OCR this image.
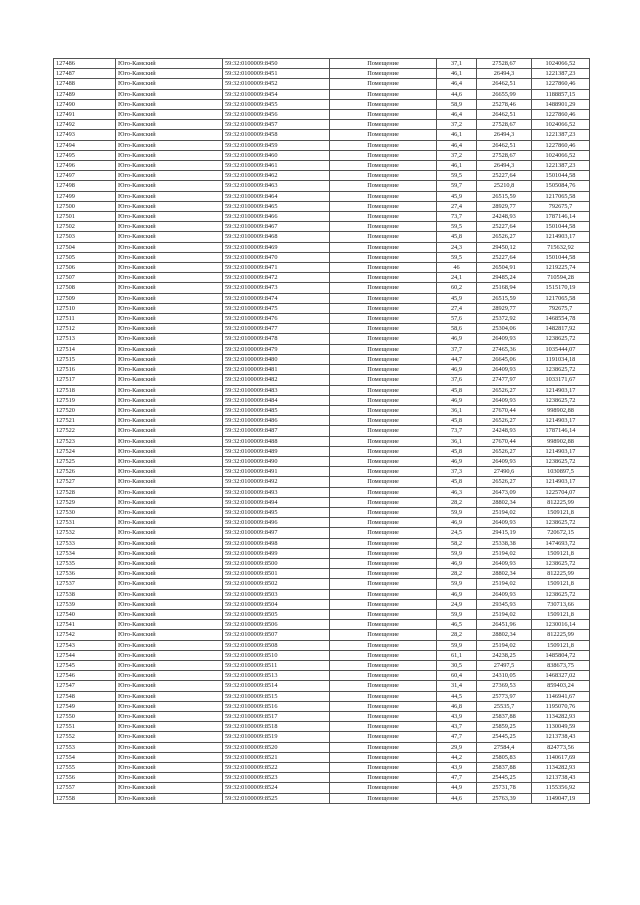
127486	Юго-Камский	59:32:0100009:8450	Помещение	37,1	27528,67	1024066,52
127487	Юго-Камский	59:32:0100009:8451	Помещение	46,1	26494,3	1221387,23
127488	Юго-Камский	59:32:0100009:8452	Помещение	46,4	26462,51	1227860,46
127489	Юго-Камский	59:32:0100009:8454	Помещение	44,6	26655,99	1188857,15
127490	Юго-Камский	59:32:0100009:8455	Помещение	58,9	25278,46	1488901,29
127491	Юго-Камский	59:32:0100009:8456	Помещение	46,4	26462,51	1227860,46
127492	Юго-Камский	59:32:0100009:8457	Помещение	37,2	27528,67	1024066,52
127493	Юго-Камский	59:32:0100009:8458	Помещение	46,1	26494,3	1221387,23
127494	Юго-Камский	59:32:0100009:8459	Помещение	46,4	26462,51	1227860,46
127495	Юго-Камский	59:32:0100009:8460	Помещение	37,2	27528,67	1024066,52
127496	Юго-Камский	59:32:0100009:8461	Помещение	46,1	26494,3	1221387,23
127497	Юго-Камский	59:32:0100009:8462	Помещение	59,5	25227,64	1501044,58
127498	Юго-Камский	59:32:0100009:8463	Помещение	59,7	25210,8	1505084,76
127499	Юго-Камский	59:32:0100009:8464	Помещение	45,9	26515,59	1217065,58
127500	Юго-Камский	59:32:0100009:8465	Помещение	27,4	28929,77	792675,7
127501	Юго-Камский	59:32:0100009:8466	Помещение	73,7	24248,93	1787146,14
127502	Юго-Камский	59:32:0100009:8467	Помещение	59,5	25227,64	1501044,58
127503	Юго-Камский	59:32:0100009:8468	Помещение	45,8	26526,27	1214903,17
127504	Юго-Камский	59:32:0100009:8469	Помещение	24,3	29450,12	715632,92
127505	Юго-Камский	59:32:0100009:8470	Помещение	59,5	25227,64	1501044,58
127506	Юго-Камский	59:32:0100009:8471	Помещение	46	26504,91	1219225,74
127507	Юго-Камский	59:32:0100009:8472	Помещение	24,1	29485,24	710594,28
127508	Юго-Камский	59:32:0100009:8473	Помещение	60,2	25168,94	1515170,19
127509	Юго-Камский	59:32:0100009:8474	Помещение	45,9	26515,59	1217065,58
127510	Юго-Камский	59:32:0100009:8475	Помещение	27,4	28929,77	792675,7
127511	Юго-Камский	59:32:0100009:8476	Помещение	57,6	25372,92	1468554,78
127512	Юго-Камский	59:32:0100009:8477	Помещение	58,6	25304,06	1482817,92
127513	Юго-Камский	59:32:0100009:8478	Помещение	46,9	26409,93	1238625,72
127514	Юго-Камский	59:32:0100009:8479	Помещение	37,7	27465,36	1035444,07
127515	Юго-Камский	59:32:0100009:8480	Помещение	44,7	26645,06	1191034,18
127516	Юго-Камский	59:32:0100009:8481	Помещение	46,9	26409,93	1238625,72
127517	Юго-Камский	59:32:0100009:8482	Помещение	37,6	27477,97	1033171,67
127518	Юго-Камский	59:32:0100009:8483	Помещение	45,8	26526,27	1214903,17
127519	Юго-Камский	59:32:0100009:8484	Помещение	46,9	26409,93	1238625,72
127520	Юго-Камский	59:32:0100009:8485	Помещение	36,1	27670,44	998902,88
127521	Юго-Камский	59:32:0100009:8486	Помещение	45,8	26526,27	1214903,17
127522	Юго-Камский	59:32:0100009:8487	Помещение	73,7	24248,93	1787146,14
127523	Юго-Камский	59:32:0100009:8488	Помещение	36,1	27670,44	998902,88
127524	Юго-Камский	59:32:0100009:8489	Помещение	45,8	26526,27	1214903,17
127525	Юго-Камский	59:32:0100009:8490	Помещение	46,9	26409,93	1238625,72
127526	Юго-Камский	59:32:0100009:8491	Помещение	37,3	27490,6	1030897,5
127527	Юго-Камский	59:32:0100009:8492	Помещение	45,8	26526,27	1214903,17
127528	Юго-Камский	59:32:0100009:8493	Помещение	46,3	26473,09	1225704,07
127529	Юго-Камский	59:32:0100009:8494	Помещение	28,2	28802,34	812225,99
127530	Юго-Камский	59:32:0100009:8495	Помещение	59,9	25194,02	1509121,8
127531	Юго-Камский	59:32:0100009:8496	Помещение	46,9	26409,93	1238625,72
127532	Юго-Камский	59:32:0100009:8497	Помещение	24,5	29415,19	720672,15
127533	Юго-Камский	59:32:0100009:8498	Помещение	58,2	25338,38	1474693,72
127534	Юго-Камский	59:32:0100009:8499	Помещение	59,9	25194,02	1509121,8
127535	Юго-Камский	59:32:0100009:8500	Помещение	46,9	26409,93	1238625,72
127536	Юго-Камский	59:32:0100009:8501	Помещение	28,2	28802,34	812225,99
127537	Юго-Камский	59:32:0100009:8502	Помещение	59,9	25194,02	1509121,8
127538	Юго-Камский	59:32:0100009:8503	Помещение	46,9	26409,93	1238625,72
127539	Юго-Камский	59:32:0100009:8504	Помещение	24,9	29345,93	730713,66
127540	Юго-Камский	59:32:0100009:8505	Помещение	59,9	25194,02	1509121,8
127541	Юго-Камский	59:32:0100009:8506	Помещение	46,5	26451,96	1230016,14
127542	Юго-Камский	59:32:0100009:8507	Помещение	28,2	28802,34	812225,99
127543	Юго-Камский	59:32:0100009:8508	Помещение	59,9	25194,02	1509121,8
127544	Юго-Камский	59:32:0100009:8510	Помещение	61,1	24238,25	1485804,72
127545	Юго-Камский	59:32:0100009:8511	Помещение	30,5	27497,5	838673,75
127546	Юго-Камский	59:32:0100009:8513	Помещение	60,4	24310,05	1468327,02
127547	Юго-Камский	59:32:0100009:8514	Помещение	31,4	27369,53	859403,24
127548	Юго-Камский	59:32:0100009:8515	Помещение	44,5	25773,97	1146941,67
127549	Юго-Камский	59:32:0100009:8516	Помещение	46,8	25535,7	1195070,76
127550	Юго-Камский	59:32:0100009:8517	Помещение	43,9	25837,88	1134282,93
127551	Юго-Камский	59:32:0100009:8518	Помещение	43,7	25859,25	1130049,59
127552	Юго-Камский	59:32:0100009:8519	Помещение	47,7	25445,25	1213738,43
127553	Юго-Камский	59:32:0100009:8520	Помещение	29,9	27584,4	824773,56
127554	Юго-Камский	59:32:0100009:8521	Помещение	44,2	25805,83	1140617,69
127555	Юго-Камский	59:32:0100009:8522	Помещение	43,9	25837,88	1134282,93
127556	Юго-Камский	59:32:0100009:8523	Помещение	47,7	25445,25	1213738,43
127557	Юго-Камский	59:32:0100009:8524	Помещение	44,9	25731,78	1155356,92
127558	Юго-Камский	59:32:0100009:8525	Помещение	44,6	25763,39	1149047,19
